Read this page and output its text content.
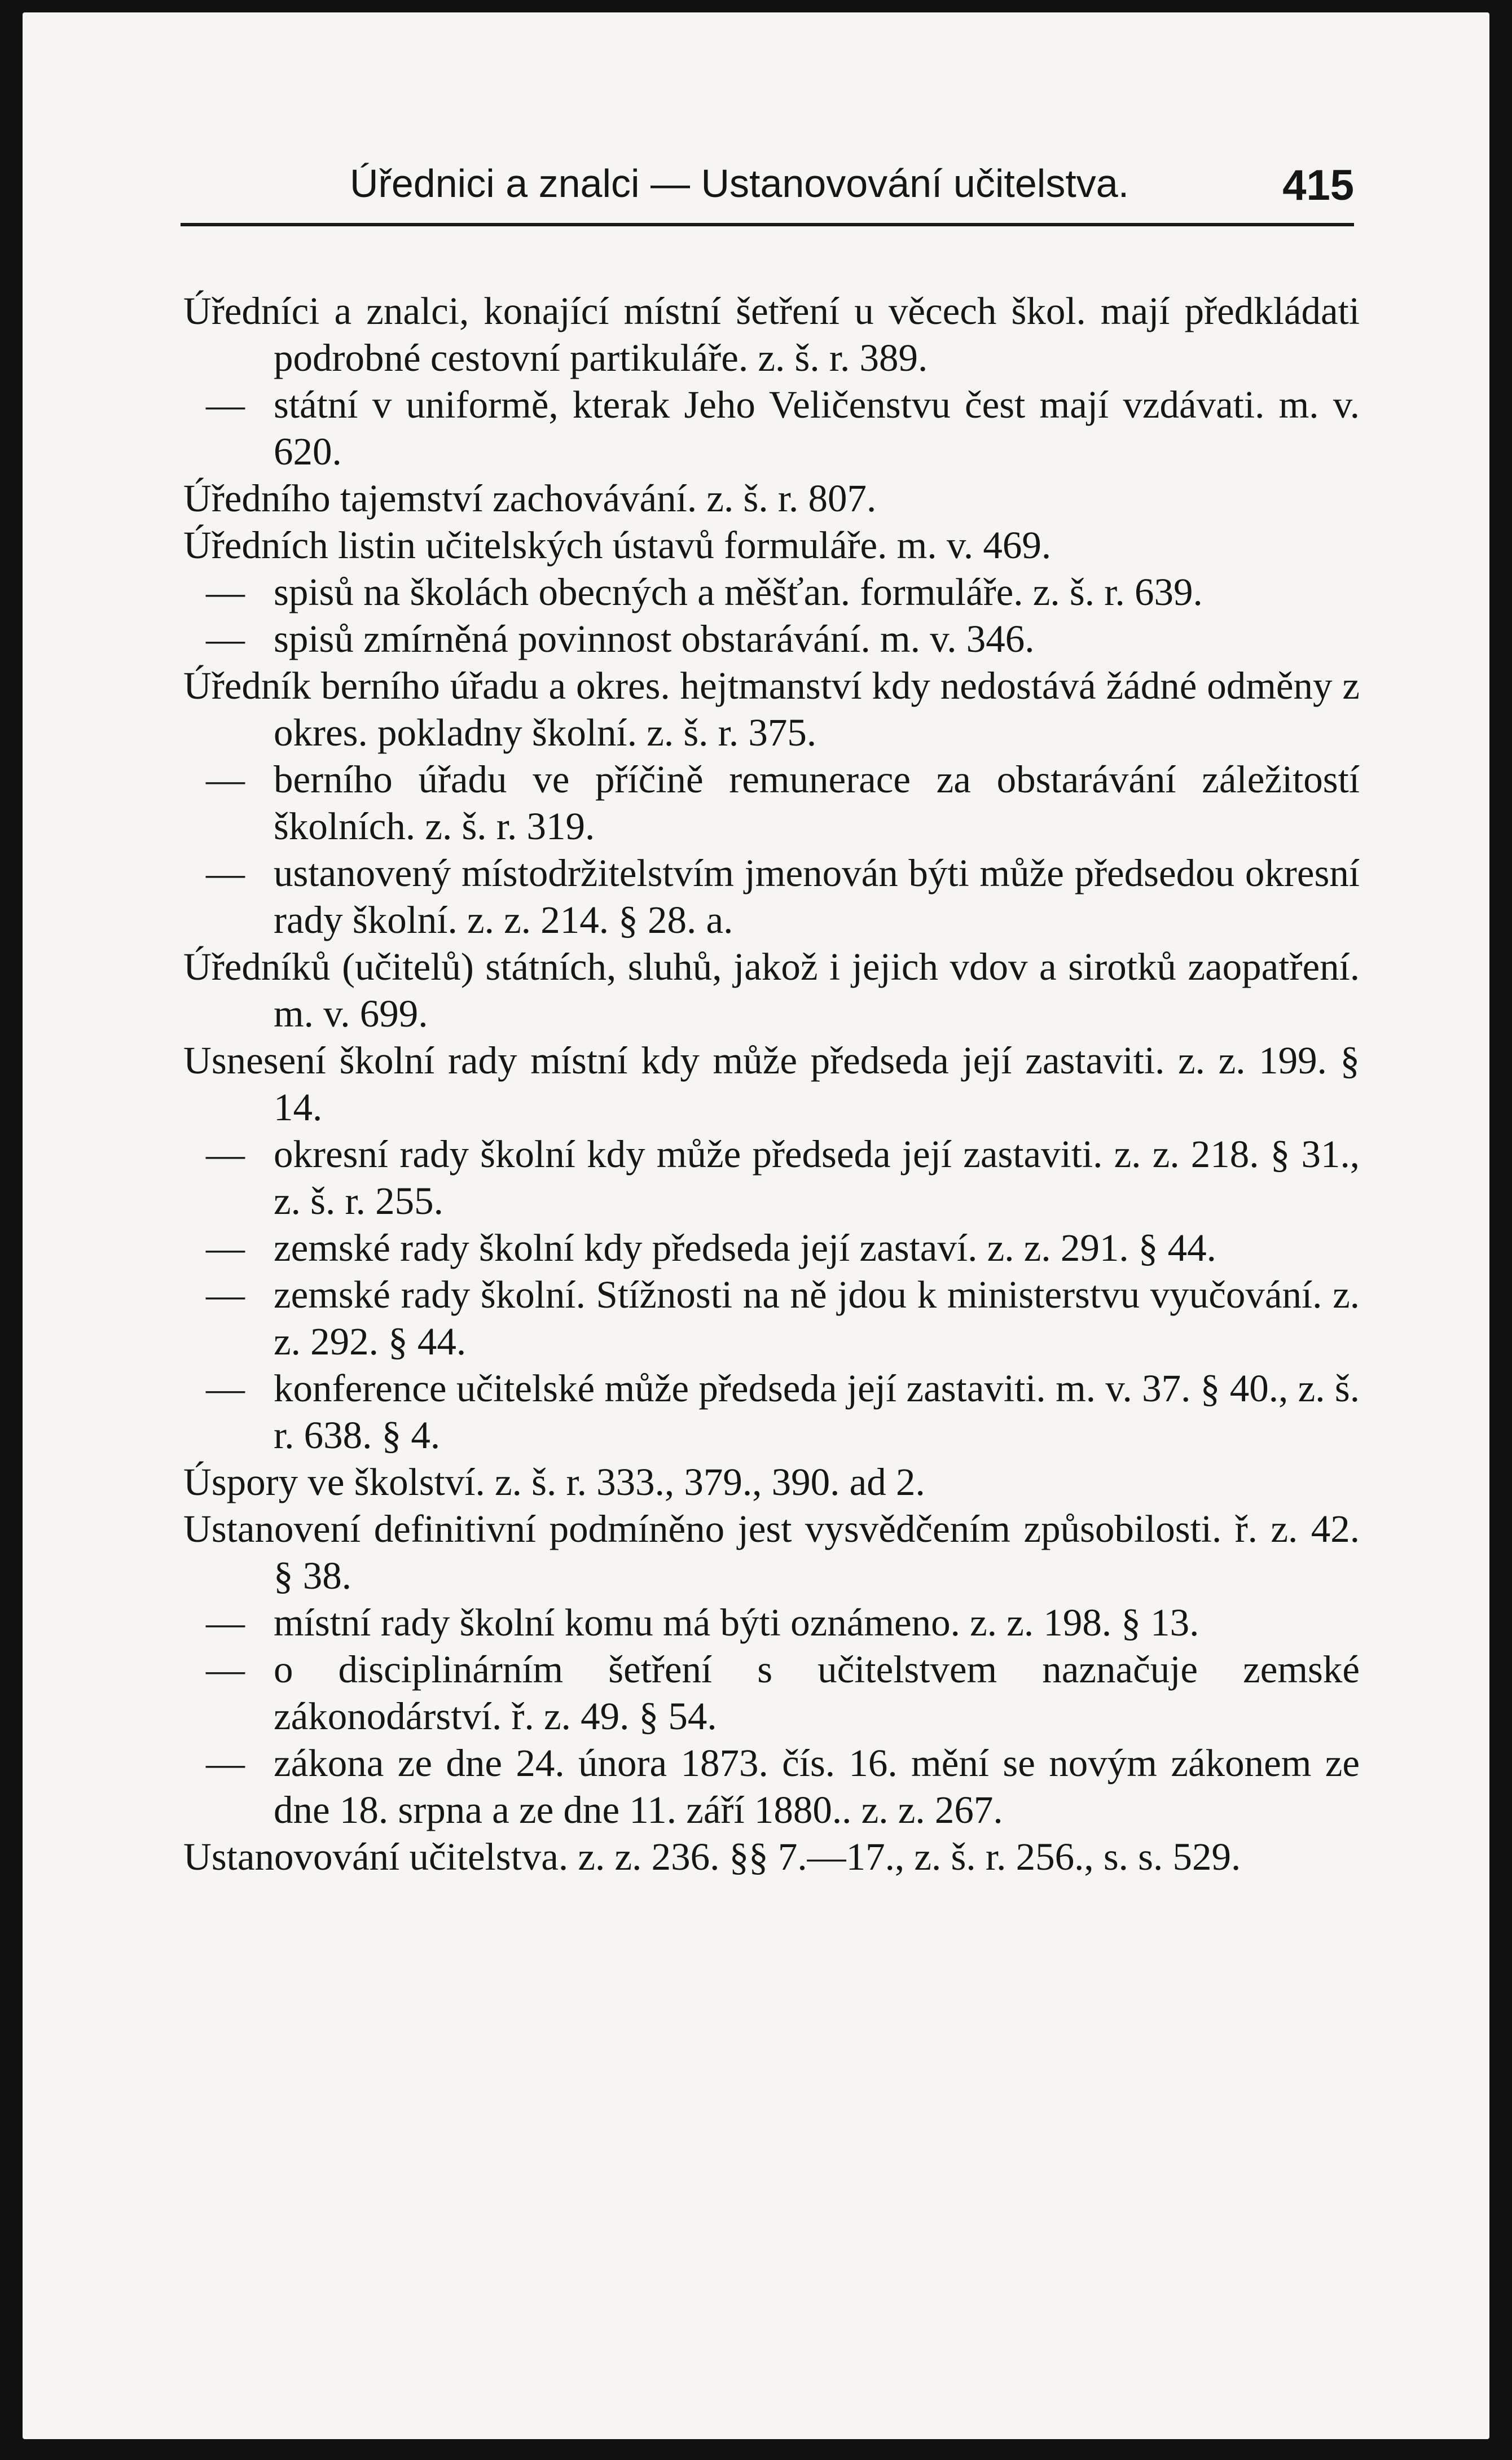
Úřednici a znalci — Ustanovování učitelstva.	415
Úředníci a znalci, konající místní šetření u věcech škol. mají předkládati podrobné cestovní partikuláře. z. š. r. 389.
— státní v uniformě, kterak Jeho Veličenstvu čest mají vzdávati. m. v. 620.
Úředního tajemství zachovávání. z. š. r. 807.
Úředních listin učitelských ústavů formuláře. m. v. 469.
— spisů na školách obecných a měšťan. formuláře. z. š. r. 639.
— spisů zmírněná povinnost obstarávání. m. v. 346.
Úředník berního úřadu a okres. hejtmanství kdy nedostává žádné odměny z okres. pokladny školní. z. š. r. 375.
— berního úřadu ve příčině remunerace za obstarávání záležitostí školních. z. š. r. 319.
— ustanovený místodržitelstvím jmenován býti může předsedou okresní rady školní. z. z. 214. § 28. a.
Úředníků (učitelů) státních, sluhů, jakož i jejich vdov a sirotků zaopatření. m. v. 699.
Usnesení školní rady místní kdy může předseda její zastaviti. z. z. 199. § 14.
— okresní rady školní kdy může předseda její zastaviti. z. z. 218. § 31., z. š. r. 255.
— zemské rady školní kdy předseda její zastaví. z. z. 291. § 44.
— zemské rady školní. Stížnosti na ně jdou k ministerstvu vyučování. z. z. 292. § 44.
— konference učitelské může předseda její zastaviti. m. v. 37. § 40., z. š. r. 638. § 4.
Úspory ve školství. z. š. r. 333., 379., 390. ad 2.
Ustanovení definitivní podmíněno jest vysvědčením způsobilosti. ř. z. 42. § 38.
— místní rady školní komu má býti oznámeno. z. z. 198. § 13.
— o disciplinárním šetření s učitelstvem naznačuje zemské zákonodárství. ř. z. 49. § 54.
— zákona ze dne 24. února 1873. čís. 16. mění se novým zákonem ze dne 18. srpna a ze dne 11. září 1880.. z. z. 267.
Ustanovování učitelstva. z. z. 236. §§ 7.—17., z. š. r. 256., s. s. 529.
